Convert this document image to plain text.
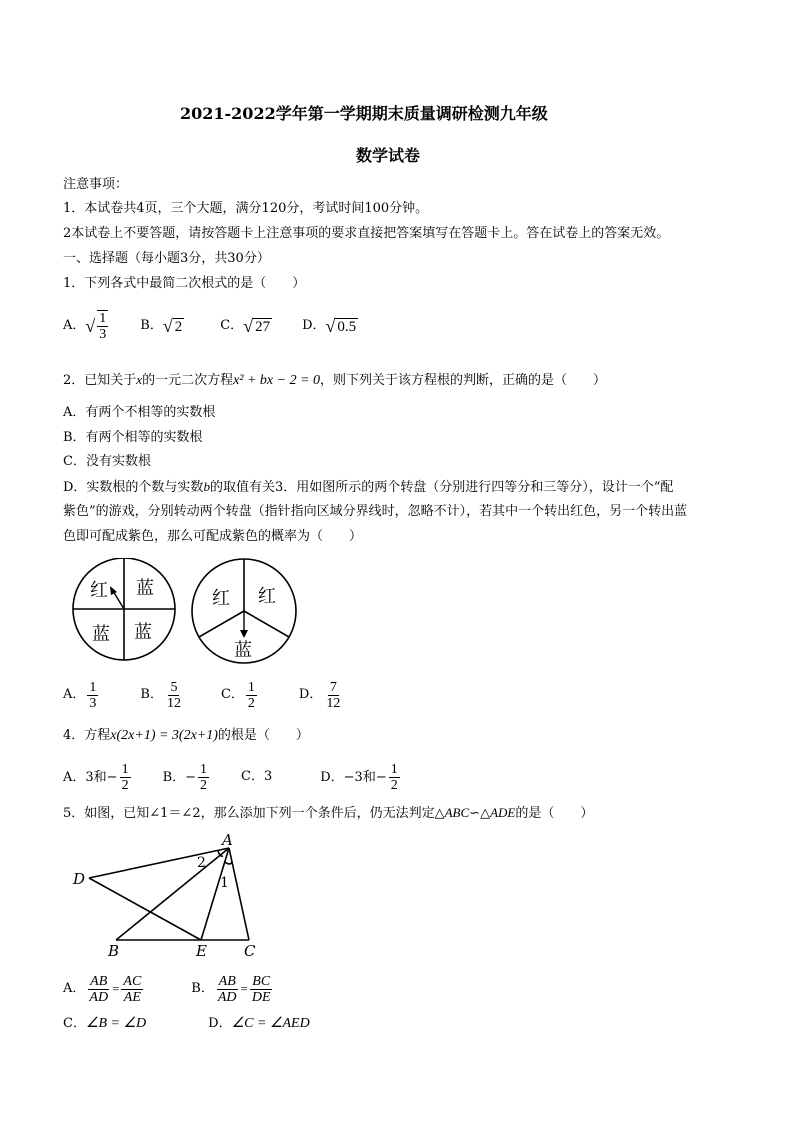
2021-2022学年第一学期期末质量调研检测九年级
数学试卷
注意事项：
1．本试卷共4页，三个大题，满分120分，考试时间100分钟。
2本试卷上不要答题，请按答题卡上注意事项的要求直接把答案填写在答题卡上。答在试卷上的答案无效。
一、选择题（每小题3分，共30分）
1．下列各式中最简二次根式的是（　　）
A． √ $\frac{1}{3}$ B． √ 2	C． √ 27 D． √ 0.5
2．已知关于x的一元二次方程x² + bx − 2 = 0，则下列关于该方程根的判断，正确的是（　　）
A．有两个不相等的实数根
B．有两个相等的实数根
C．没有实数根
D．实数根的个数与实数b的取值有关3．用如图所示的两个转盘（分别进行四等分和三等分），设计一个“配
紫色”的游戏，分别转动两个转盘（指针指向区域分界线时，忽略不计），若其中一个转出红色，另一个转出蓝
色即可配成紫色，那么可配成紫色的概率为（　　）
红 蓝
蓝 蓝
红 红
蓝
A． $\frac{1}{3}$	B． $\frac{5}{12}$	C． $\frac{1}{2}$	D． $\frac{7}{12}$
4．方程x(2x+1) = 3(2x+1)的根是（　　）
A．3和− $\frac{1}{2}$ B．− $\frac{1}{2}$ C．3	D．−3和− $\frac{1}{2}$
5．如图，已知∠1＝∠2，那么添加下列一个条件后，仍无法判定△ABC∽△ADE的是（　　）
A
D
B	E C
2
1
A． $\frac{AB}{AD} = \frac{AC}{AE}$	B． $\frac{AB}{AD} = \frac{BC}{DE}$
C．∠B = ∠D	D．∠C = ∠AED
